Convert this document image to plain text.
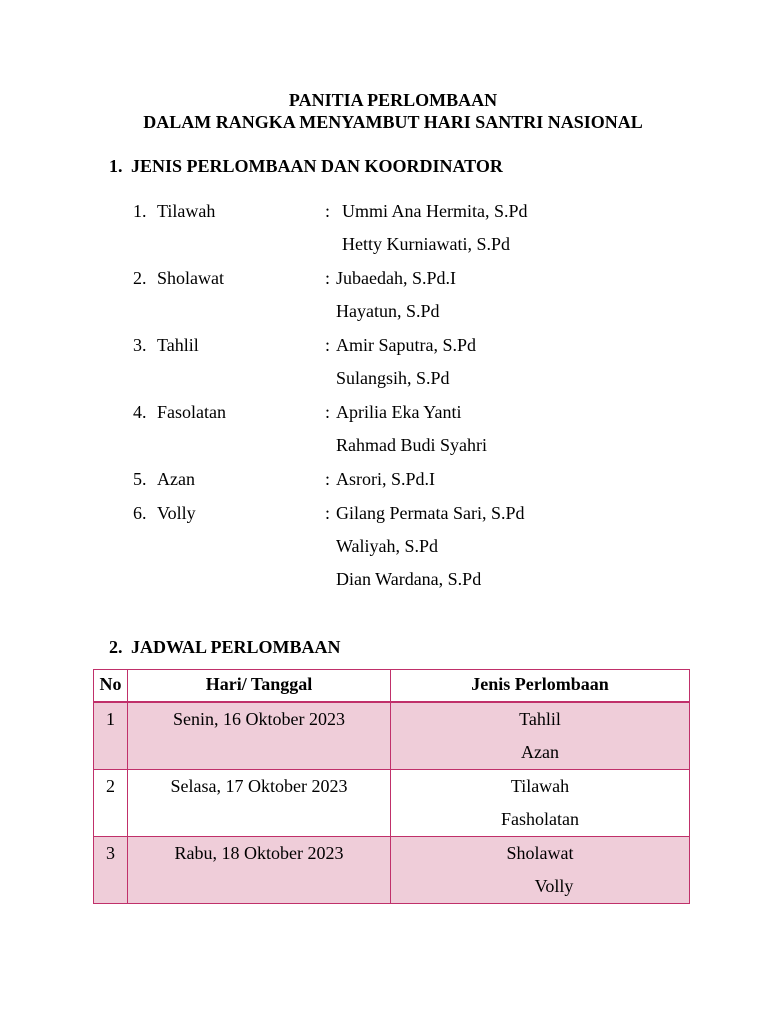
PANITIA PERLOMBAAN
DALAM RANGKA MENYAMBUT HARI SANTRI NASIONAL
1. JENIS PERLOMBAAN DAN KOORDINATOR
1. Tilawah	: Ummi Ana Hermita, S.Pd
Hetty Kurniawati, S.Pd
2. Sholawat	: Jubaedah, S.Pd.I
Hayatun, S.Pd
3. Tahlil	: Amir Saputra, S.Pd
Sulangsih, S.Pd
4. Fasolatan	: Aprilia Eka Yanti
Rahmad Budi Syahri
5. Azan	: Asrori, S.Pd.I
6. Volly	: Gilang Permata Sari, S.Pd
Waliyah, S.Pd
Dian Wardana, S.Pd
2. JADWAL PERLOMBAAN
No	Hari/ Tanggal	Jenis Perlombaan
1	Senin, 16 Oktober 2023	Tahlil
Azan

2	Selasa, 17 Oktober 2023	Tilawah
Fasholatan

3	Rabu, 18 Oktober 2023	Sholawat
Volly
